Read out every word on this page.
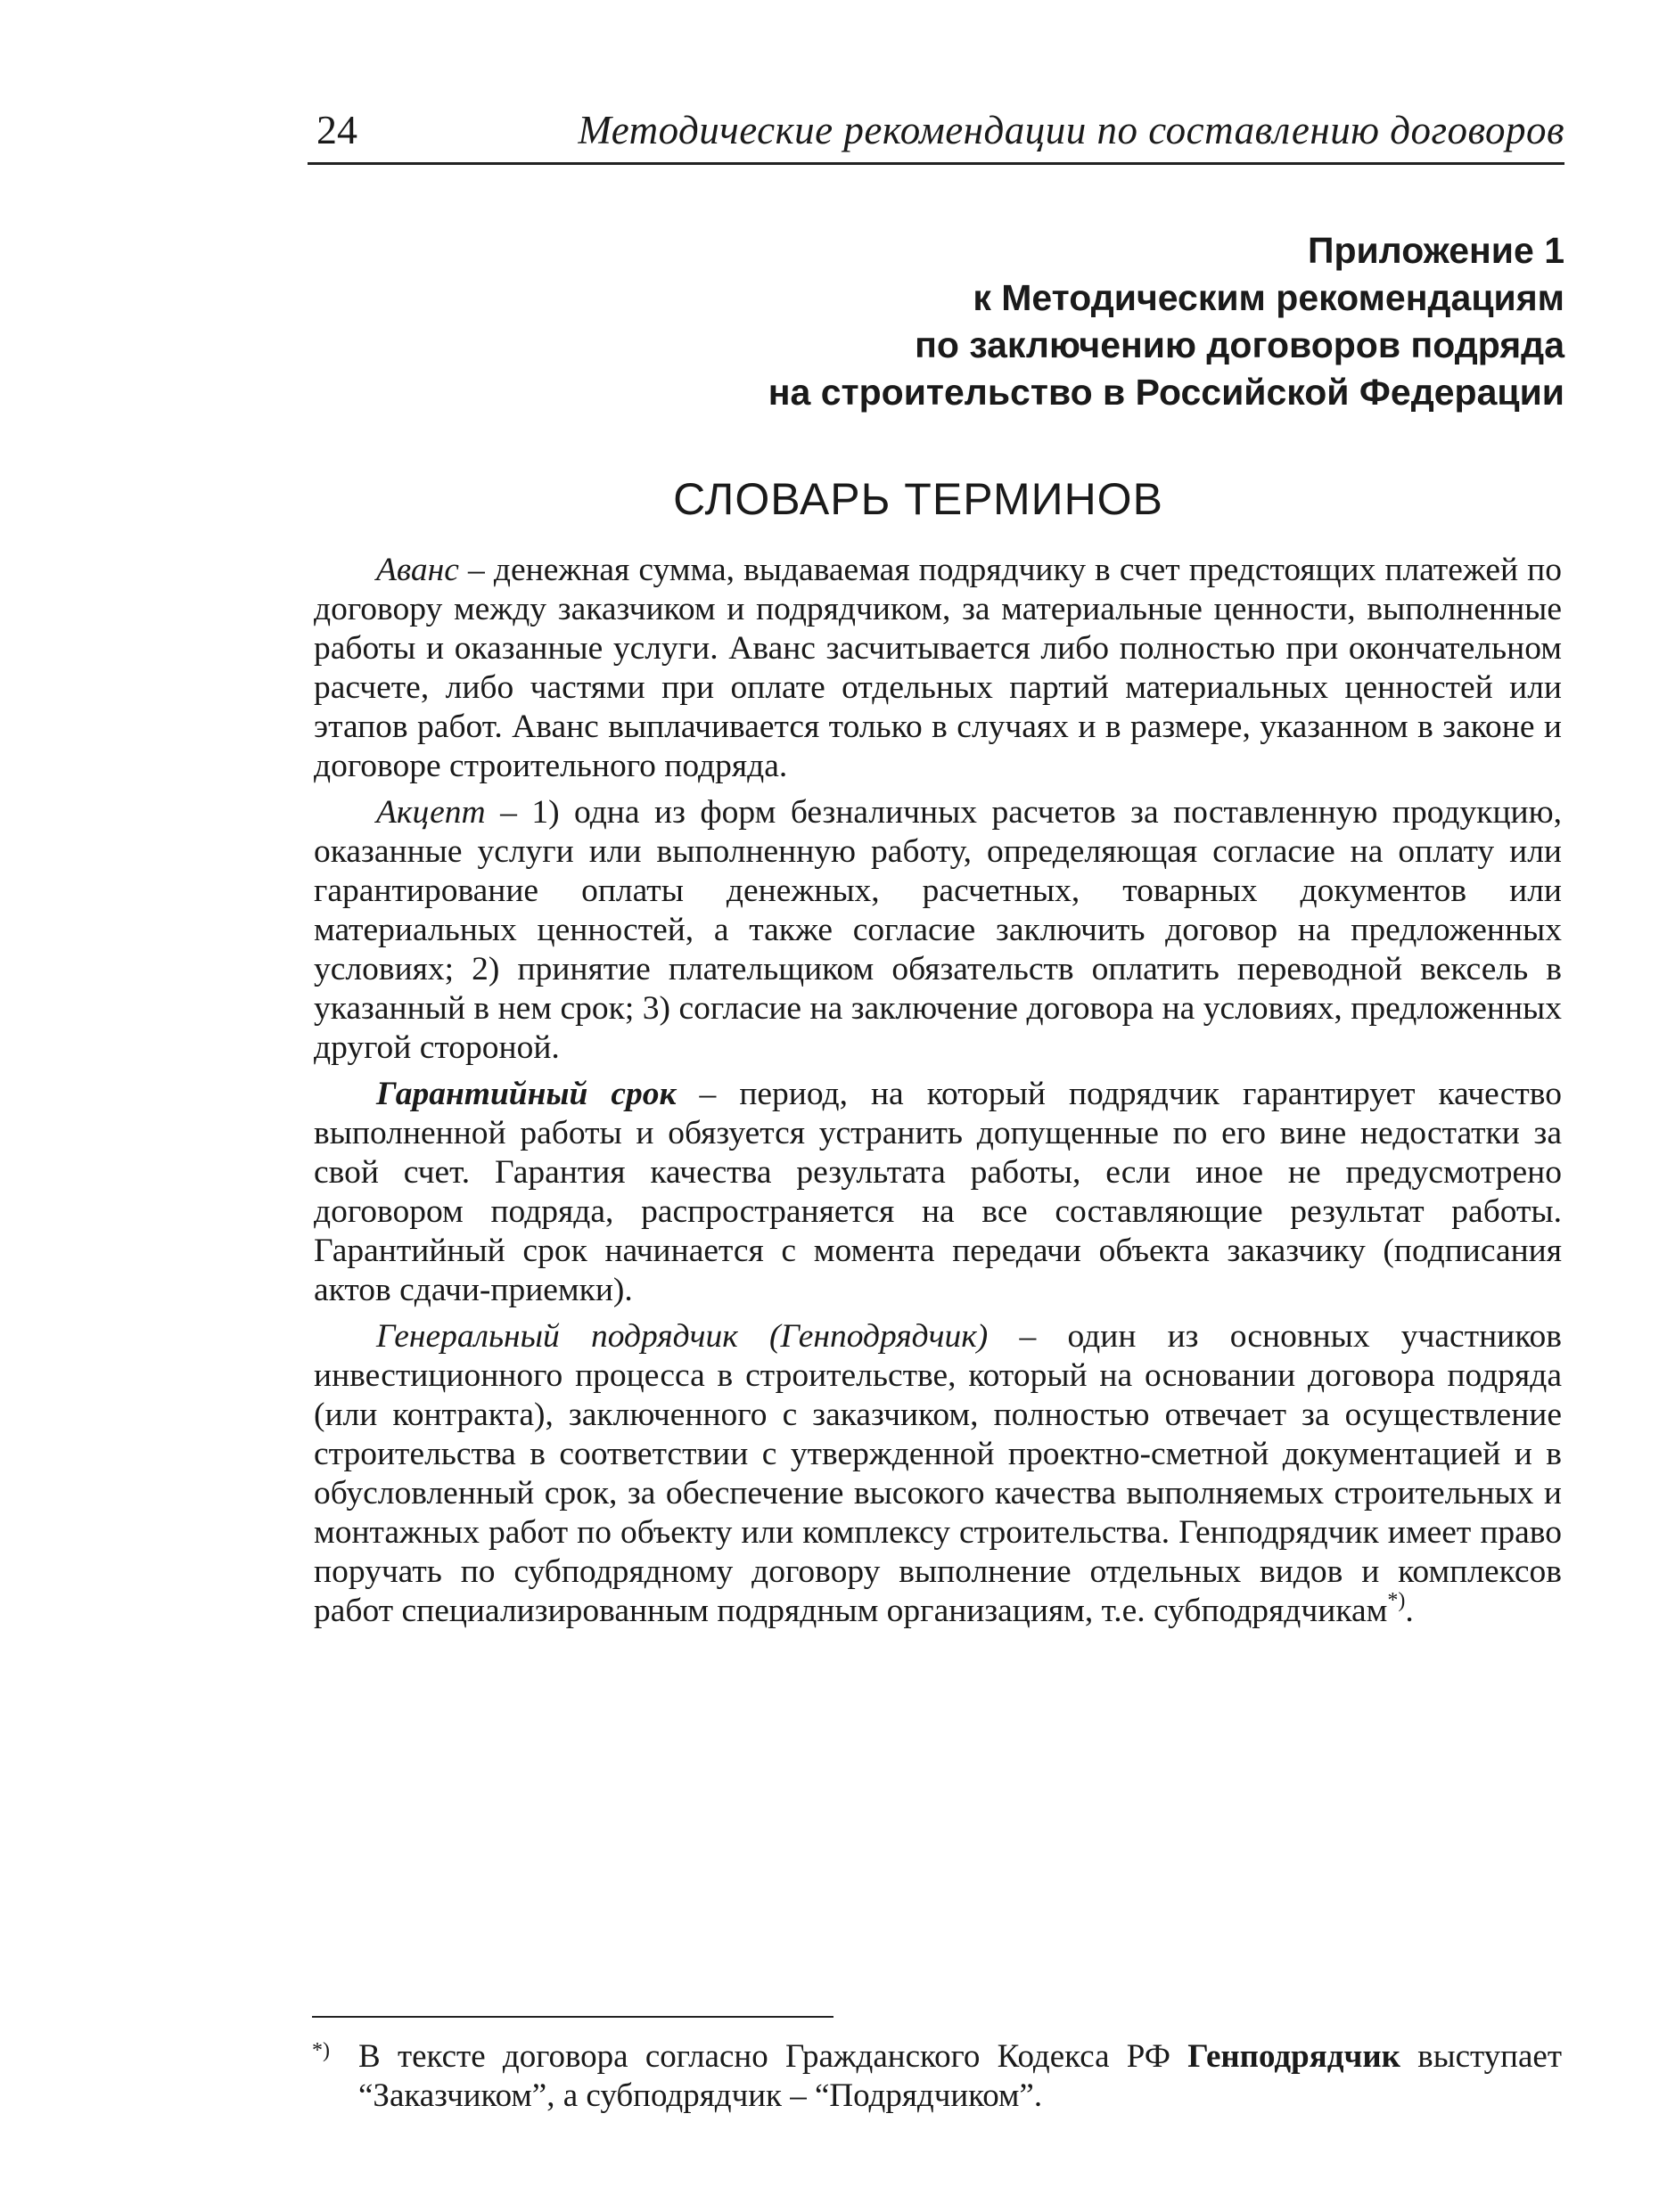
24	Методические рекомендации по составлению договоров
Приложение 1
к Методическим рекомендациям
по заключению договоров подряда
на строительство в Российской Федерации
СЛОВАРЬ ТЕРМИНОВ

Аванс – денежная сумма, выдаваемая подрядчику в счет предстоящих платежей по договору между заказчиком и подрядчиком, за материальные ценности, выполненные работы и оказанные услуги. Аванс засчитывается либо полностью при окончательном расчете, либо частями при оплате отдельных партий материальных ценностей или этапов работ. Аванс выплачивается только в случаях и в размере, указанном в законе и договоре строительного подряда.

Акцепт – 1) одна из форм безналичных расчетов за поставленную продукцию, оказанные услуги или выполненную работу, определяющая согласие на оплату или гарантирование оплаты денежных, расчетных, товарных документов или материальных ценностей, а также согласие заключить договор на предложенных условиях; 2) принятие плательщиком обязательств оплатить переводной вексель в указанный в нем срок; 3) согласие на заключение договора на условиях, предложенных другой стороной.

Гарантийный срок – период, на который подрядчик гарантирует качество выполненной работы и обязуется устранить допущенные по его вине недостатки за свой счет. Гарантия качества результата работы, если иное не предусмотрено договором подряда, распространяется на все составляющие результат работы. Гарантийный срок начинается с момента передачи объекта заказчику (подписания актов сдачи-приемки).

Генеральный подрядчик (Генподрядчик) – один из основных участников инвестиционного процесса в строительстве, который на основании договора подряда (или контракта), заключенного с заказчиком, полностью отвечает за осуществление строительства в соответствии с утвержденной проектно-сметной документацией и в обусловленный срок, за обеспечение высокого качества выполняемых строительных и монтажных работ по объекту или комплексу строительства. Генподрядчик имеет право поручать по субподрядному договору выполнение отдельных видов и комплексов работ специализированным подрядным организациям, т.е. субподрядчикам*).

*) В тексте договора согласно Гражданского Кодекса РФ Генподрядчик выступает “Заказчиком”, а субподрядчик – “Подрядчиком”.
